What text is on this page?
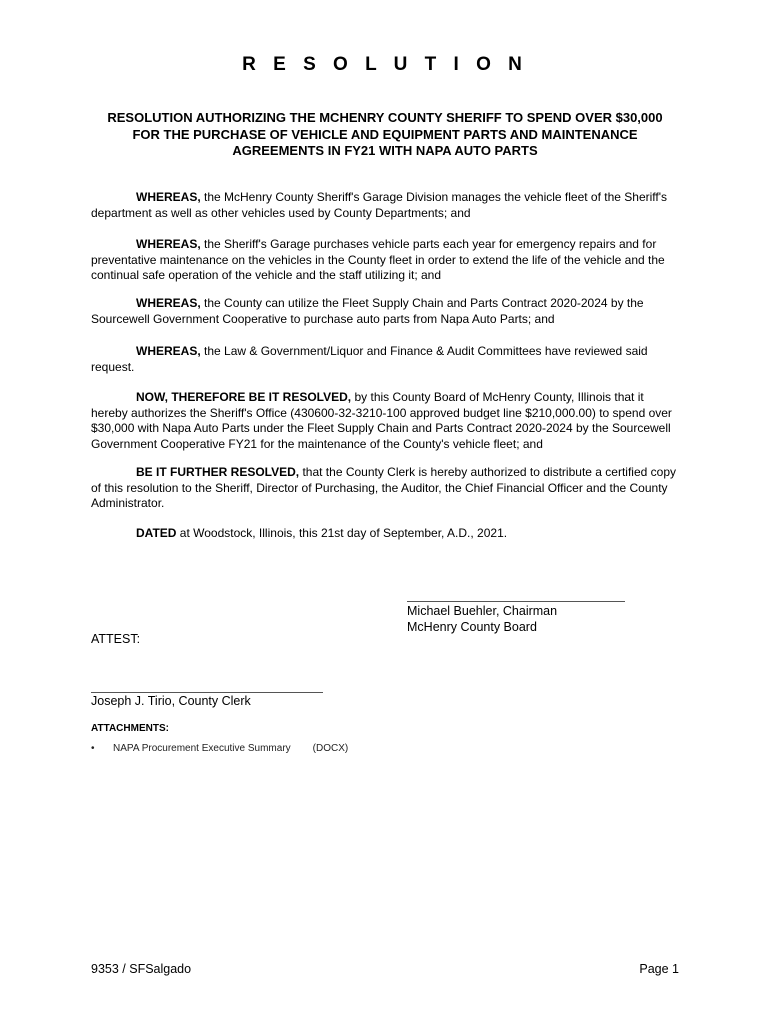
R E S O L U T I O N
RESOLUTION AUTHORIZING THE MCHENRY COUNTY SHERIFF TO SPEND OVER $30,000 FOR THE PURCHASE OF VEHICLE AND EQUIPMENT PARTS AND MAINTENANCE AGREEMENTS IN FY21 WITH NAPA AUTO PARTS
WHEREAS, the McHenry County Sheriff's Garage Division manages the vehicle fleet of the Sheriff's department as well as other vehicles used by County Departments; and
WHEREAS, the Sheriff's Garage purchases vehicle parts each year for emergency repairs and for preventative maintenance on the vehicles in the County fleet in order to extend the life of the vehicle and the continual safe operation of the vehicle and the staff utilizing it; and
WHEREAS, the County can utilize the Fleet Supply Chain and Parts Contract 2020-2024 by the Sourcewell Government Cooperative to purchase auto parts from Napa Auto Parts; and
WHEREAS, the Law & Government/Liquor and Finance & Audit Committees have reviewed said request.
NOW, THEREFORE BE IT RESOLVED, by this County Board of McHenry County, Illinois that it hereby authorizes the Sheriff's Office (430600-32-3210-100 approved budget line $210,000.00) to spend over $30,000 with Napa Auto Parts under the Fleet Supply Chain and Parts Contract 2020-2024 by the Sourcewell Government Cooperative FY21 for the maintenance of the County's vehicle fleet; and
BE IT FURTHER RESOLVED, that the County Clerk is hereby authorized to distribute a certified copy of this resolution to the Sheriff, Director of Purchasing, the Auditor, the Chief Financial Officer and the County Administrator.
DATED at Woodstock, Illinois, this 21st day of September, A.D., 2021.
Michael Buehler, Chairman
McHenry County Board
ATTEST:
Joseph J. Tirio, County Clerk
ATTACHMENTS:
• NAPA Procurement Executive Summary (DOCX)
9353 / SFSalgado	Page 1
